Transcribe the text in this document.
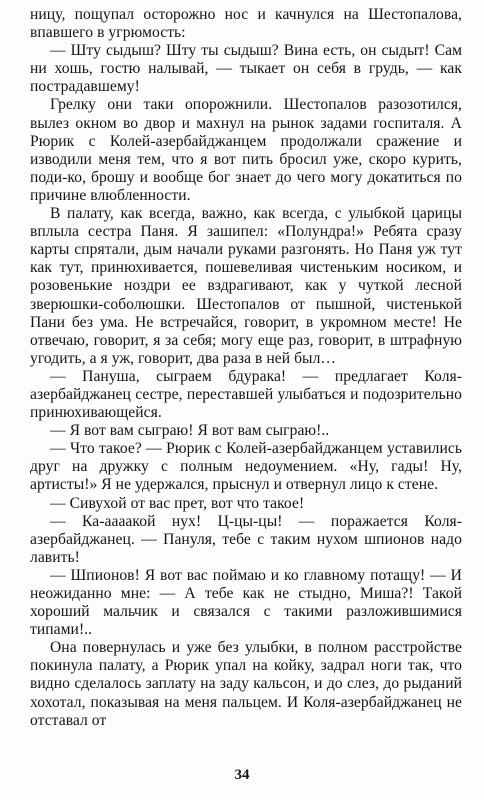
ницу, пощупал осторожно нос и качнулся на Шестопалова, впавшего в угрюмость:

— Шту сыдыш? Шту ты сыдыш? Вина есть, он сыдыт! Сам ни хошь, гостю налывай, — тыкает он себя в грудь, — как пострадавшему!

Грелку они таки опорожнили. Шестопалов разозотился, вылез окном во двор и махнул на рынок задами госпиталя. А Рюрик с Колей-азербайджанцем продолжали сражение и изводили меня тем, что я вот пить бросил уже, скоро курить, поди-ко, брошу и вообще бог знает до чего могу докатиться по причине влюбленности.

В палату, как всегда, важно, как всегда, с улыбкой царицы вплыла сестра Паня. Я зашипел: «Полундра!» Ребята сразу карты спрятали, дым начали руками разгонять. Но Паня уж тут как тут, принюхивается, пошевеливая чистеньким носиком, и розовенькие ноздри ее вздрагивают, как у чуткой лесной зверюшки-соболюшки. Шестопалов от пышной, чистенькой Пани без ума. Не встречайся, говорит, в укромном месте! Не отвечаю, говорит, я за себя; могу еще раз, говорит, в штрафную угодить, а я уж, говорит, два раза в ней был…

— Пануша, сыграем бдурака! — предлагает Коля-азербайджанец сестре, переставшей улыбаться и подозрительно принюхивающейся.

— Я вот вам сыграю! Я вот вам сыграю!..

— Что такое? — Рюрик с Колей-азербайджанцем уставились друг на дружку с полным недоумением. «Ну, гады! Ну, артисты!» Я не удержался, прыснул и отвернул лицо к стене.

— Сивухой от вас прет, вот что такое!

— Ка-аааакой нух! Ц-цы-цы! — поражается Коля-азербайджанец. — Пануля, тебе с таким нухом шпионов надо лавить!

— Шпионов! Я вот вас поймаю и ко главному потащу! — И неожиданно мне: — А тебе как не стыдно, Миша?! Такой хороший мальчик и связался с такими разложившимися типами!..

Она повернулась и уже без улыбки, в полном расстройстве покинула палату, а Рюрик упал на койку, задрал ноги так, что видно сделалось заплату на заду кальсон, и до слез, до рыданий хохотал, показывая на меня пальцем. И Коля-азербайджанец не отставал от

34
